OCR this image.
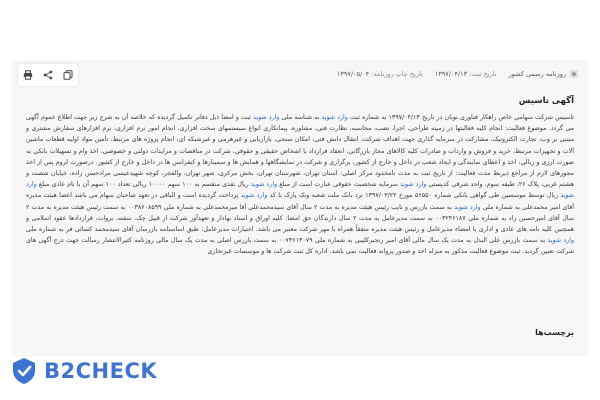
روزنامه رسمی کشور
تاریخ ثبت: ۱۳۹۷/۰۴/۱۳
تاریخ چاپ روزنامه: ۱۳۹۷/۰۵/۰۴
آگهی تاسیس

تاسیس شرکت سهامی خاص راهکار فناوری نوبان در تاریخ ۱۳۹۷/۰۴/۱۳ به شماره ثبت وارد شوید به شناسه ملی وارد شوید ثبت و امضا ذیل دفاتر تکمیل گردیده که خلاصه آن به شرح زیر جهت اطلاع عموم آگهی می گردد. موضوع فعالیت: انجام کلیه فعالیتها در زمینه طراحی، اجرا، نصب، محاسبه، نظارت فنی، مشاوره، پیمانکاری انواع سیستمهای سخت افزاری، انجام امور نرم افزاری، نرم افزارهای سفارش مشتری و مبتنی بر وب، تجارت الکترونیک، مشارکت در سرمایه گذاری جهت اهداف شرکت، انتقال دانش فنی، امکان سنجی، بازاریابی و غیرهرمی و غیرشبکه ای، انجام پروژه های مرتبط، تأمین مواد اولیه قطعات ماشین آلات و تجهیزات مرتبط، خرید و فروش و واردات و صادرات کلیه کالاهای مجاز بازرگانی، انعقاد قرارداد با اشخاص حقیقی و حقوقی، شرکت در مناقصات و مزایدات دولتی و خصوصی، اخذ وام و تسهیلات بانکی به صورت ارزی و ریالی، اخذ و اعطای نمایندگی و ایجاد شعب در داخل و خارج از کشور، برگزاری و شرکت در نمایشگاهها و همایش ها و سمینارها و کنفرانس ها در داخل و خارج از کشور. درصورت لزوم پس از اخذ مجوزهای لازم از مراجع ذیربط مدت فعالیت: از تاریخ ثبت به مدت نامحدود مرکز اصلی: استان تهران، شهرستان تهران، بخش مرکزی، شهر تهران، والفجر، کوچه شهیدعیسی مرادحسن زاده، خیابان شصت و هشتم غربی، پلاک ۲۶، طبقه سوم، واحد شرقی کدپستی وارد شوید سرمایه شخصیت حقوقی عبارت است از مبلغ وارد شوید ریال نقدی منقسم به ۱۰۰ سهم ۱۰۰۰۰ ریالی تعداد ۱۰۰ سهم آن با نام عادی مبلغ وارد شوید ریال توسط موسسین طی گواهی بانکی شماره ۵۶۵۵۰ مورخ ۱۳۹۷/۰۳/۲۲ نزد بانک ملت شعبه ونک پارک با کد وارد شوید پرداخت گردیده است و الباقی در تعهد صاحبان سهام می باشد اعضا هیئت مدیره آقای امیر محمدعلی به شماره ملی وارد شوید به سمت بازرس و نایب رئیس هیئت مدیره به مدت ۲ سال آقای سیدمحمدعلی آقا میرمحمدعلی به شماره ملی ۰۰۳۸۶۰۸۵۹۹ به سمت رئیس هیئت مدیره به مدت ۲ سال آقای امیرحسین زاد به شماره ملی ۰۰۳۲۴۶۱۸۷ به سمت مدیرعامل به مدت ۲ سال دارندگان حق امضا: کلیه اوراق و اسناد بهادار و تعهدآور شرکت از قبیل چک، سفته، بروات، قراردادها عقود اسلامی و همچنین کلیه نامه های عادی و اداری با امضاء مدیرعامل و رئیس هیئت مدیره متفقاً همراه با مهر شرکت معتبر می باشد. اختیارات مدیرعامل: طبق اساسنامه بازرسان آقای سیدمحمد کسائی فر به شماره ملی وارد شوید به سمت بازرس علی البدل به مدت یک سال مالی آقای امیر رنجبرکلیبی به شماره ملی ۰۰۷۴۶۱۳۰۷۹ به سمت بازرس اصلی به مدت یک سال مالی روزنامه کثیرالانتشار رسالت جهت درج آگهی های شرکت تعیین گردید. ثبت موضوع فعالیت مذکور به منزله اخذ و صدور پروانه فعالیت نمی باشد. اداره کل ثبت شرکت ها و موسسات غیرتجاری

برچسب‌ها
B2CHECK
